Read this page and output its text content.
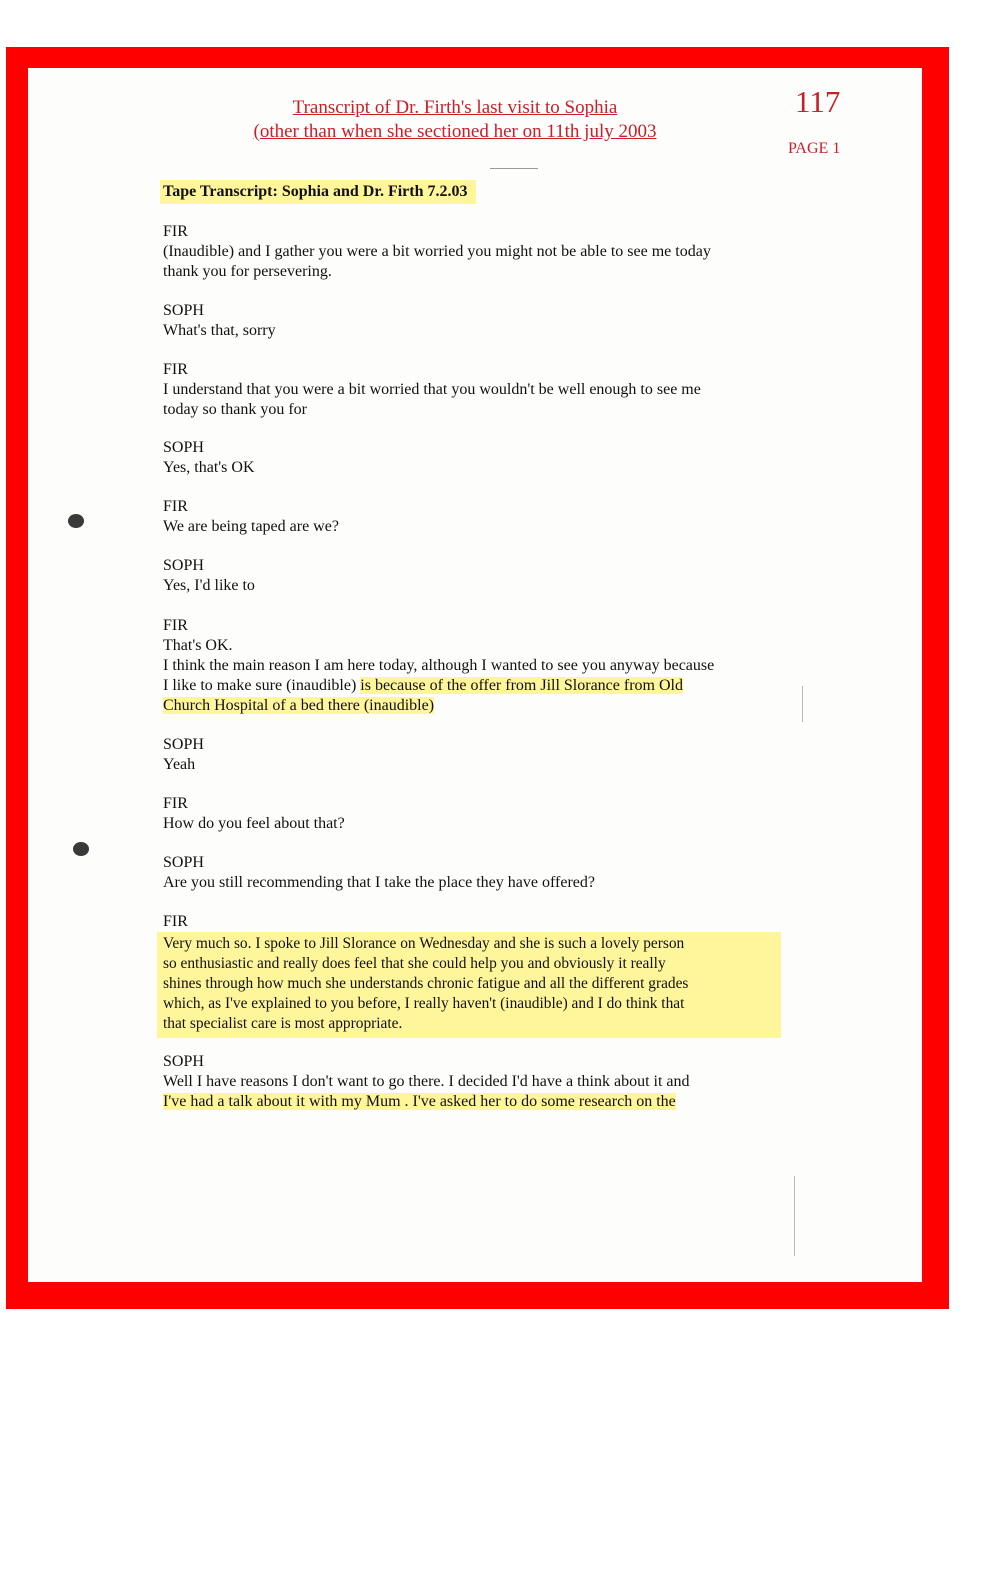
Transcript of Dr. Firth's last visit to Sophia
(other than when she sectioned her on 11th july 2003
117
PAGE 1
Tape Transcript: Sophia and Dr. Firth 7.2.03
FIR
(Inaudible) and I gather you were a bit worried you might not be able to see me today
thank you for persevering.
SOPH
What's that, sorry
FIR
I understand that you were a bit worried that you wouldn't be well enough to see me
today so thank you for
SOPH
Yes, that's OK
FIR
We are being taped are we?
SOPH
Yes, I'd like to
FIR
That's OK.
I think the main reason I am here today, although I wanted to see you anyway because
I like to make sure (inaudible) is because of the offer from Jill Slorance from Old
Church Hospital of a bed there (inaudible)
SOPH
Yeah
FIR
How do you feel about that?
SOPH
Are you still recommending that I take the place they have offered?
FIR
Very much so. I spoke to Jill Slorance on Wednesday and she is such a lovely person
so enthusiastic and really does feel that she could help you and obviously it really
shines through how much she understands chronic fatigue and all the different grades
which, as I've explained to you before, I really haven't (inaudible) and I do think that
that specialist care is most appropriate.
SOPH
Well I have reasons I don't want to go there. I decided I'd have a think about it and
I've had a talk about it with my Mum . I've asked her to do some research on the
